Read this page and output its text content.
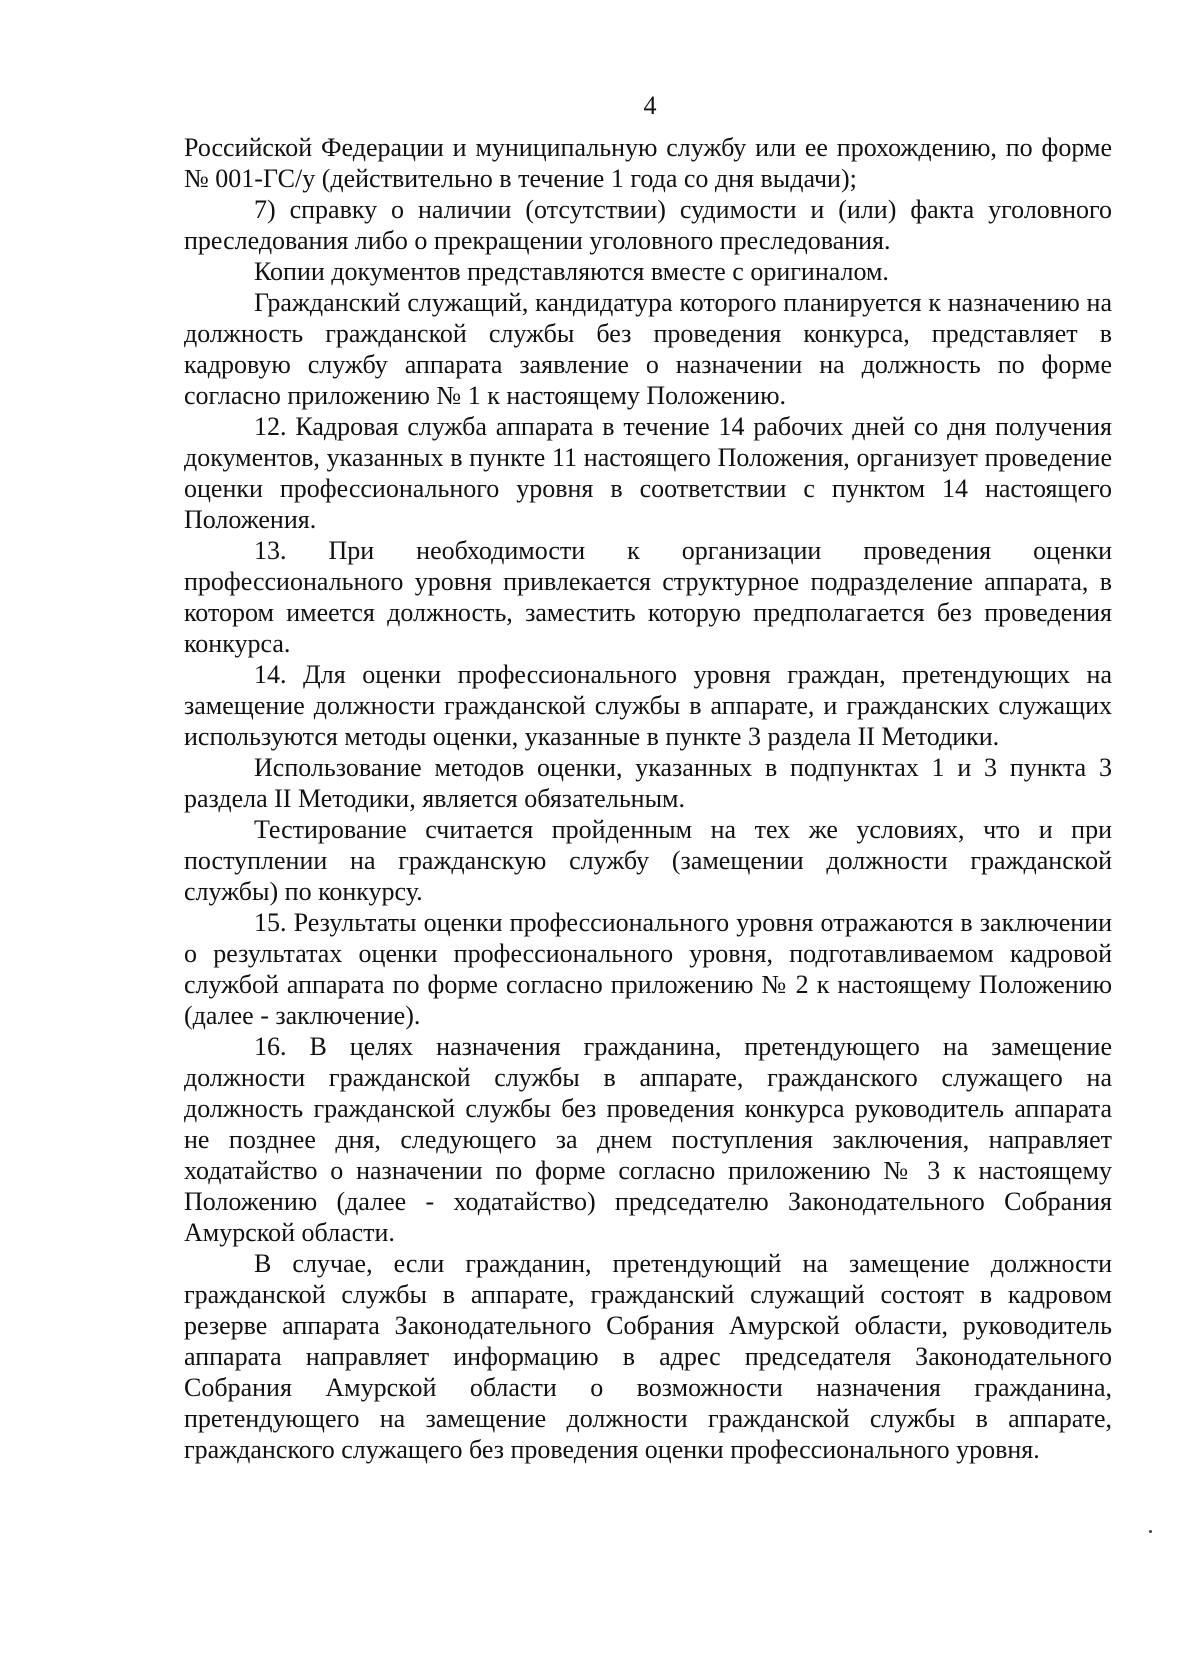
4

Российской Федерации и муниципальную службу или ее прохождению, по форме № 001-ГС/у (действительно в течение 1 года со дня выдачи);

7) справку о наличии (отсутствии) судимости и (или) факта уголовного преследования либо о прекращении уголовного преследования.

Копии документов представляются вместе с оригиналом.

Гражданский служащий, кандидатура которого планируется к назначению на должность гражданской службы без проведения конкурса, представляет в кадровую службу аппарата заявление о назначении на должность по форме согласно приложению № 1 к настоящему Положению.

12. Кадровая служба аппарата в течение 14 рабочих дней со дня получения документов, указанных в пункте 11 настоящего Положения, организует проведение оценки профессионального уровня в соответствии с пунктом 14 настоящего Положения.

13. При необходимости к организации проведения оценки профессионального уровня привлекается структурное подразделение аппарата, в котором имеется должность, заместить которую предполагается без проведения конкурса.

14. Для оценки профессионального уровня граждан, претендующих на замещение должности гражданской службы в аппарате, и гражданских служащих используются методы оценки, указанные в пункте 3 раздела II Методики.

Использование методов оценки, указанных в подпунктах 1 и 3 пункта 3 раздела II Методики, является обязательным.

Тестирование считается пройденным на тех же условиях, что и при поступлении на гражданскую службу (замещении должности гражданской службы) по конкурсу.

15. Результаты оценки профессионального уровня отражаются в заключении о результатах оценки профессионального уровня, подготавливаемом кадровой службой аппарата по форме согласно приложению № 2 к настоящему Положению (далее - заключение).

16. В целях назначения гражданина, претендующего на замещение должности гражданской службы в аппарате, гражданского служащего на должность гражданской службы без проведения конкурса руководитель аппарата не позднее дня, следующего за днем поступления заключения, направляет ходатайство о назначении по форме согласно приложению № 3 к настоящему Положению (далее - ходатайство) председателю Законодательного Собрания Амурской области.

В случае, если гражданин, претендующий на замещение должности гражданской службы в аппарате, гражданский служащий состоят в кадровом резерве аппарата Законодательного Собрания Амурской области, руководитель аппарата направляет информацию в адрес председателя Законодательного Собрания Амурской области о возможности назначения гражданина, претендующего на замещение должности гражданской службы в аппарате, гражданского служащего без проведения оценки профессионального уровня.
